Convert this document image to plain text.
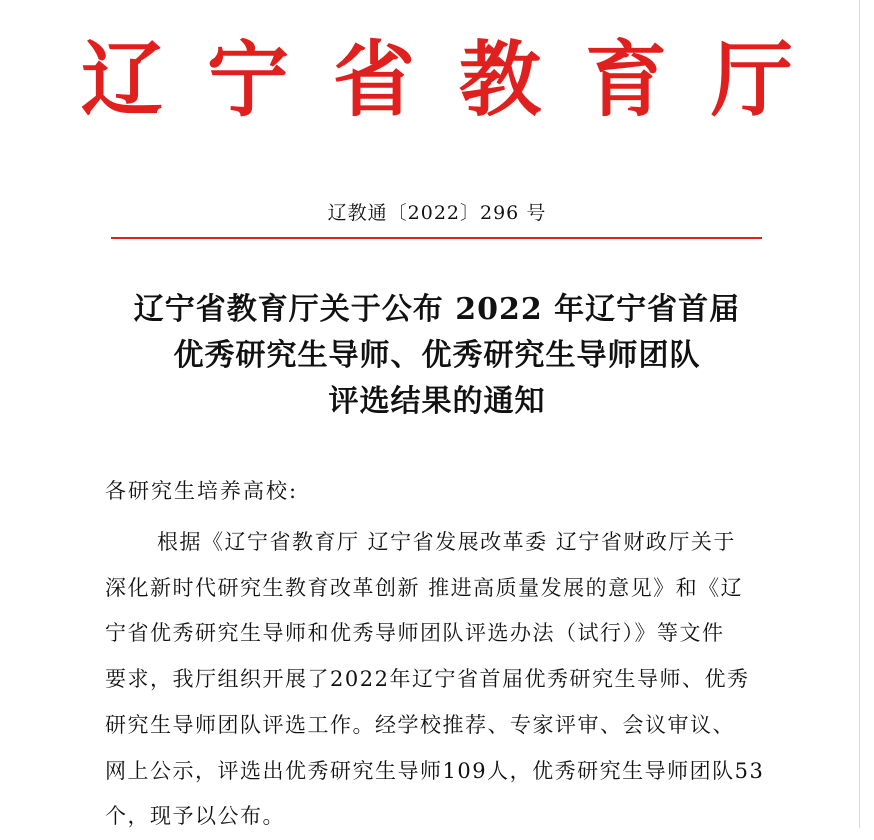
辽宁省教育厅
辽教通〔2022〕296 号
辽宁省教育厅关于公布 2022 年辽宁省首届
优秀研究生导师、优秀研究生导师团队
评选结果的通知
各研究生培养高校:
根据《辽宁省教育厅 辽宁省发展改革委 辽宁省财政厅关于
深化新时代研究生教育改革创新 推进高质量发展的意见》和《辽
宁省优秀研究生导师和优秀导师团队评选办法（试行）》等文件
要求，我厅组织开展了2022年辽宁省首届优秀研究生导师、优秀
研究生导师团队评选工作。经学校推荐、专家评审、会议审议、
网上公示，评选出优秀研究生导师109人，优秀研究生导师团队53
个，现予以公布。
